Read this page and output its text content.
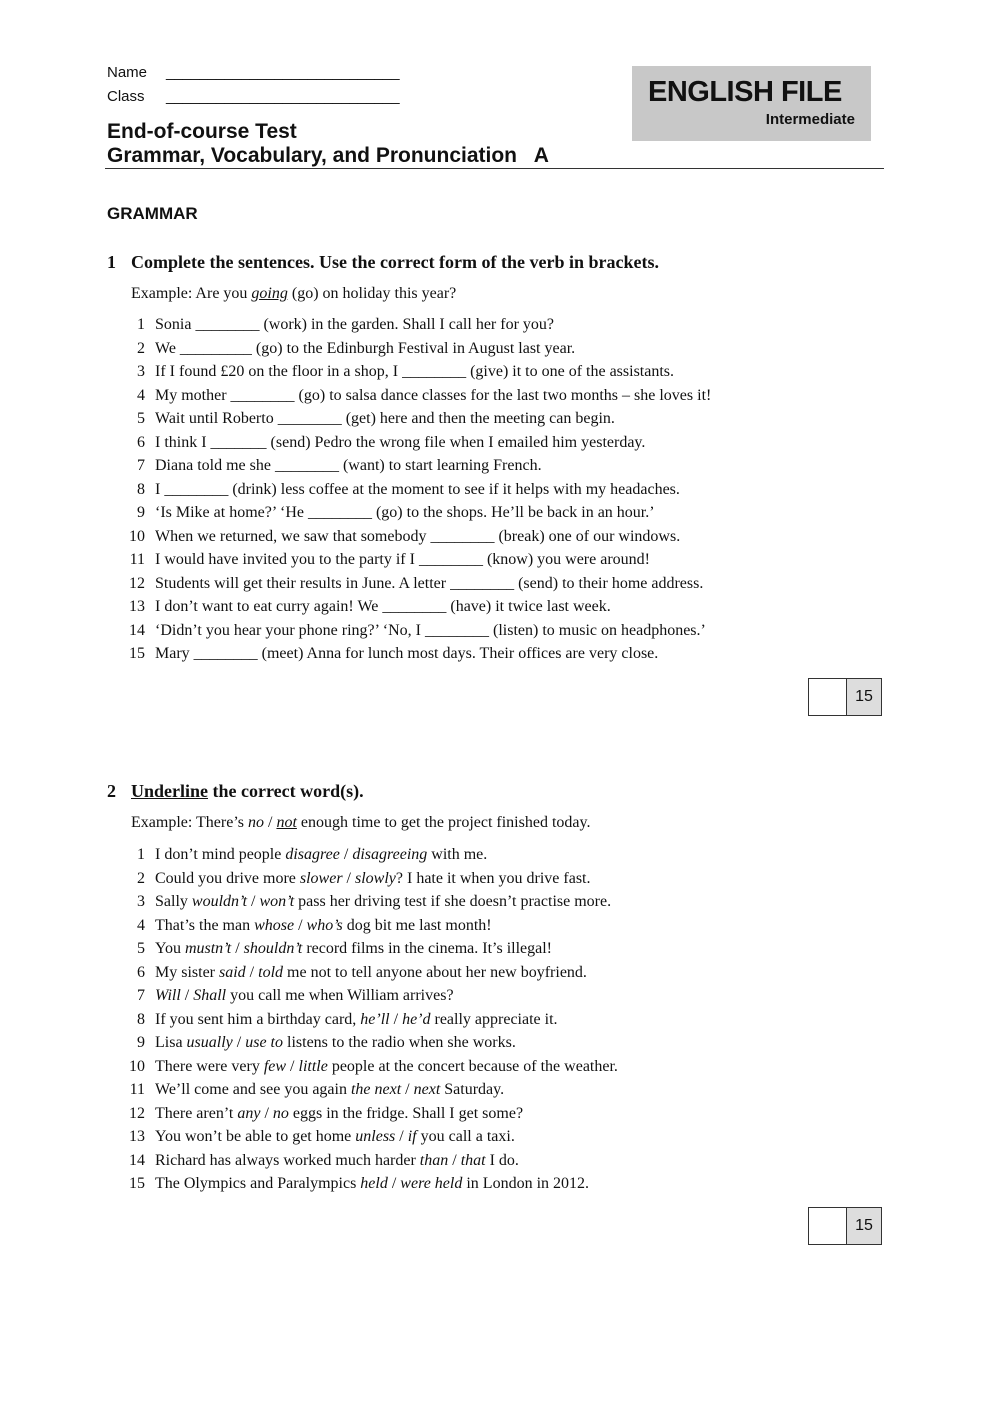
Name ____________________________
Class ____________________________	ENGLISH FILE
Intermediate
End-of-course Test
Grammar, Vocabulary, and Pronunciation   A
GRAMMAR
1 Complete the sentences. Use the correct form of the verb in brackets.
Example: Are you going (go) on holiday this year?
1 Sonia ________ (work) in the garden. Shall I call her for you?
2 We _________ (go) to the Edinburgh Festival in August last year.
3 If I found £20 on the floor in a shop, I ________ (give) it to one of the assistants.
4 My mother ________ (go) to salsa dance classes for the last two months – she loves it!
5 Wait until Roberto ________ (get) here and then the meeting can begin.
6 I think I _______ (send) Pedro the wrong file when I emailed him yesterday.
7 Diana told me she ________ (want) to start learning French.
8 I ________ (drink) less coffee at the moment to see if it helps with my headaches.
9 ‘Is Mike at home?’ ‘He ________ (go) to the shops. He’ll be back in an hour.’
10 When we returned, we saw that somebody ________ (break) one of our windows.
11 I would have invited you to the party if I ________ (know) you were around!
12 Students will get their results in June. A letter ________ (send) to their home address.
13 I don’t want to eat curry again! We ________ (have) it twice last week.
14 ‘Didn’t you hear your phone ring?’ ‘No, I ________ (listen) to music on headphones.’
15 Mary ________ (meet) Anna for lunch most days. Their offices are very close.
15
2 Underline the correct word(s).
Example: There’s no / not enough time to get the project finished today.
1 I don’t mind people disagree / disagreeing with me.
2 Could you drive more slower / slowly? I hate it when you drive fast.
3 Sally wouldn’t / won’t pass her driving test if she doesn’t practise more.
4 That’s the man whose / who’s dog bit me last month!
5 You mustn’t / shouldn’t record films in the cinema. It’s illegal!
6 My sister said / told me not to tell anyone about her new boyfriend.
7 Will / Shall you call me when William arrives?
8 If you sent him a birthday card, he’ll / he’d really appreciate it.
9 Lisa usually / use to listens to the radio when she works.
10 There were very few / little people at the concert because of the weather.
11 We’ll come and see you again the next / next Saturday.
12 There aren’t any / no eggs in the fridge. Shall I get some?
13 You won’t be able to get home unless / if you call a taxi.
14 Richard has always worked much harder than / that I do.
15 The Olympics and Paralympics held / were held in London in 2012.
15
